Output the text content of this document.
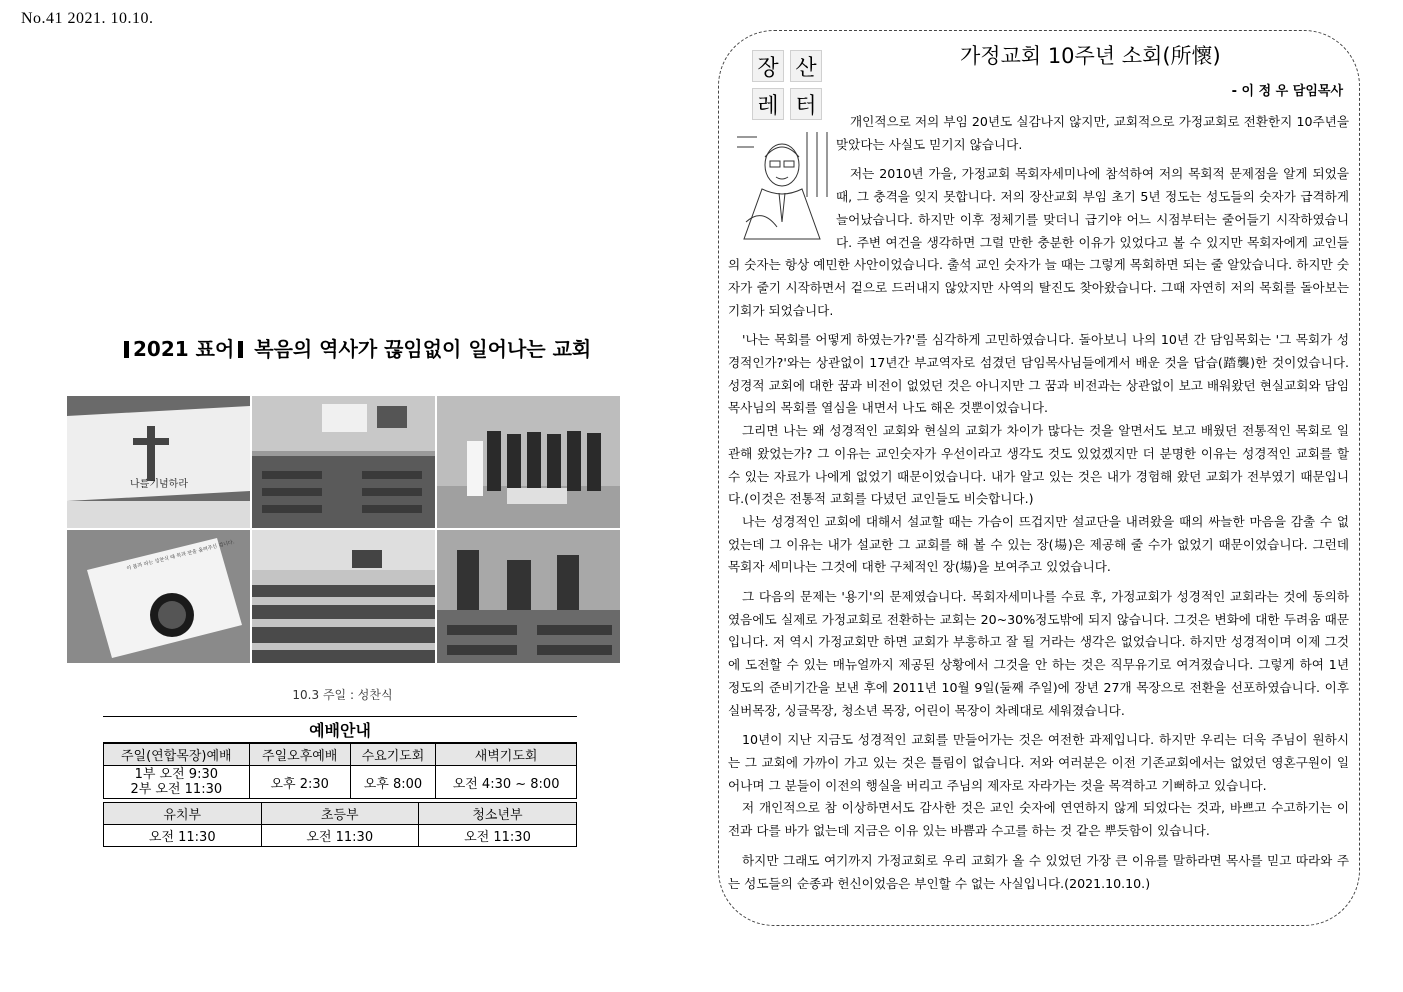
No.41 2021. 10.10.
2021 표어 복음의 역사가 끊임없이 일어나는 교회
나를기념하라
이 몸과 피는 성찬식 때 목과 잔을 올려주신 겁니다.
10.3 주일 : 성찬식
예배안내
주일(연합목장)예배	주일오후예배	수요기도회	새벽기도회

1부 오전 9:30
2부 오전 11:30	오후 2:30	오후 8:00	오전 4:30 ~ 8:00
유치부	초등부	청소년부
오전 11:30	오전 11:30	오전 11:30
장 산
레 터
가정교회 10주년 소회(所懷)
- 이 정 우 담임목사

개인적으로 저의 부임 20년도 실감나지 않지만, 교회적으로 가정교회로 전환한지 10주년을 맞았다는 사실도 믿기지 않습니다.

저는 2010년 가을, 가정교회 목회자세미나에 참석하여 저의 목회적 문제점을 알게 되었을 때, 그 충격을 잊지 못합니다. 저의 장산교회 부임 초기 5년 정도는 성도들의 숫자가 급격하게 늘어났습니다. 하지만 이후 정체기를 맞더니 급기야 어느 시점부터는 줄어들기 시작하였습니다. 주변 여건을 생각하면 그럴 만한 충분한 이유가 있었다고 볼 수 있지만 목회자에게 교인들의 숫자는 항상 예민한 사안이었습니다. 출석 교인 숫자가 늘 때는 그렇게 목회하면 되는 줄 알았습니다. 하지만 숫자가 줄기 시작하면서 겉으로 드러내지 않았지만 사역의 탈진도 찾아왔습니다. 그때 자연히 저의 목회를 돌아보는 기회가 되었습니다.

'나는 목회를 어떻게 하였는가?'를 심각하게 고민하였습니다. 돌아보니 나의 10년 간 담임목회는 '그 목회가 성경적인가?'와는 상관없이 17년간 부교역자로 섬겼던 담임목사님들에게서 배운 것을 답습(踏襲)한 것이었습니다. 성경적 교회에 대한 꿈과 비전이 없었던 것은 아니지만 그 꿈과 비전과는 상관없이 보고 배워왔던 현실교회와 담임목사님의 목회를 열심을 내면서 나도 해온 것뿐이었습니다.

그리면 나는 왜 성경적인 교회와 현실의 교회가 차이가 많다는 것을 알면서도 보고 배웠던 전통적인 목회로 일관해 왔었는가? 그 이유는 교인숫자가 우선이라고 생각도 것도 있었겠지만 더 분명한 이유는 성경적인 교회를 할 수 있는 자료가 나에게 없었기 때문이었습니다. 내가 알고 있는 것은 내가 경험해 왔던 교회가 전부였기 때문입니다.(이것은 전통적 교회를 다녔던 교인들도 비슷합니다.)

나는 성경적인 교회에 대해서 설교할 때는 가슴이 뜨겁지만 설교단을 내려왔을 때의 싸늘한 마음을 감출 수 없었는데 그 이유는 내가 설교한 그 교회를 해 볼 수 있는 장(場)은 제공해 줄 수가 없었기 때문이었습니다. 그런데 목회자 세미나는 그것에 대한 구체적인 장(場)을 보여주고 있었습니다.

그 다음의 문제는 '용기'의 문제였습니다. 목회자세미나를 수료 후, 가정교회가 성경적인 교회라는 것에 동의하였음에도 실제로 가정교회로 전환하는 교회는 20~30%정도밖에 되지 않습니다. 그것은 변화에 대한 두려움 때문입니다. 저 역시 가정교회만 하면 교회가 부흥하고 잘 될 거라는 생각은 없었습니다. 하지만 성경적이며 이제 그것에 도전할 수 있는 매뉴얼까지 제공된 상황에서 그것을 안 하는 것은 직무유기로 여겨졌습니다. 그렇게 하여 1년 정도의 준비기간을 보낸 후에 2011년 10월 9일(둘째 주일)에 장년 27개 목장으로 전환을 선포하였습니다. 이후 실버목장, 싱글목장, 청소년 목장, 어린이 목장이 차례대로 세워졌습니다.

10년이 지난 지금도 성경적인 교회를 만들어가는 것은 여전한 과제입니다. 하지만 우리는 더욱 주님이 원하시는 그 교회에 가까이 가고 있는 것은 틀림이 없습니다. 저와 여러분은 이전 기존교회에서는 없었던 영혼구원이 일어나며 그 분들이 이전의 행실을 버리고 주님의 제자로 자라가는 것을 목격하고 기뻐하고 있습니다.

저 개인적으로 참 이상하면서도 감사한 것은 교인 숫자에 연연하지 않게 되었다는 것과, 바쁘고 수고하기는 이전과 다를 바가 없는데 지금은 이유 있는 바쁨과 수고를 하는 것 같은 뿌듯함이 있습니다.

하지만 그래도 여기까지 가정교회로 우리 교회가 올 수 있었던 가장 큰 이유를 말하라면 목사를 믿고 따라와 주는 성도들의 순종과 헌신이었음은 부인할 수 없는 사실입니다.(2021.10.10.)
